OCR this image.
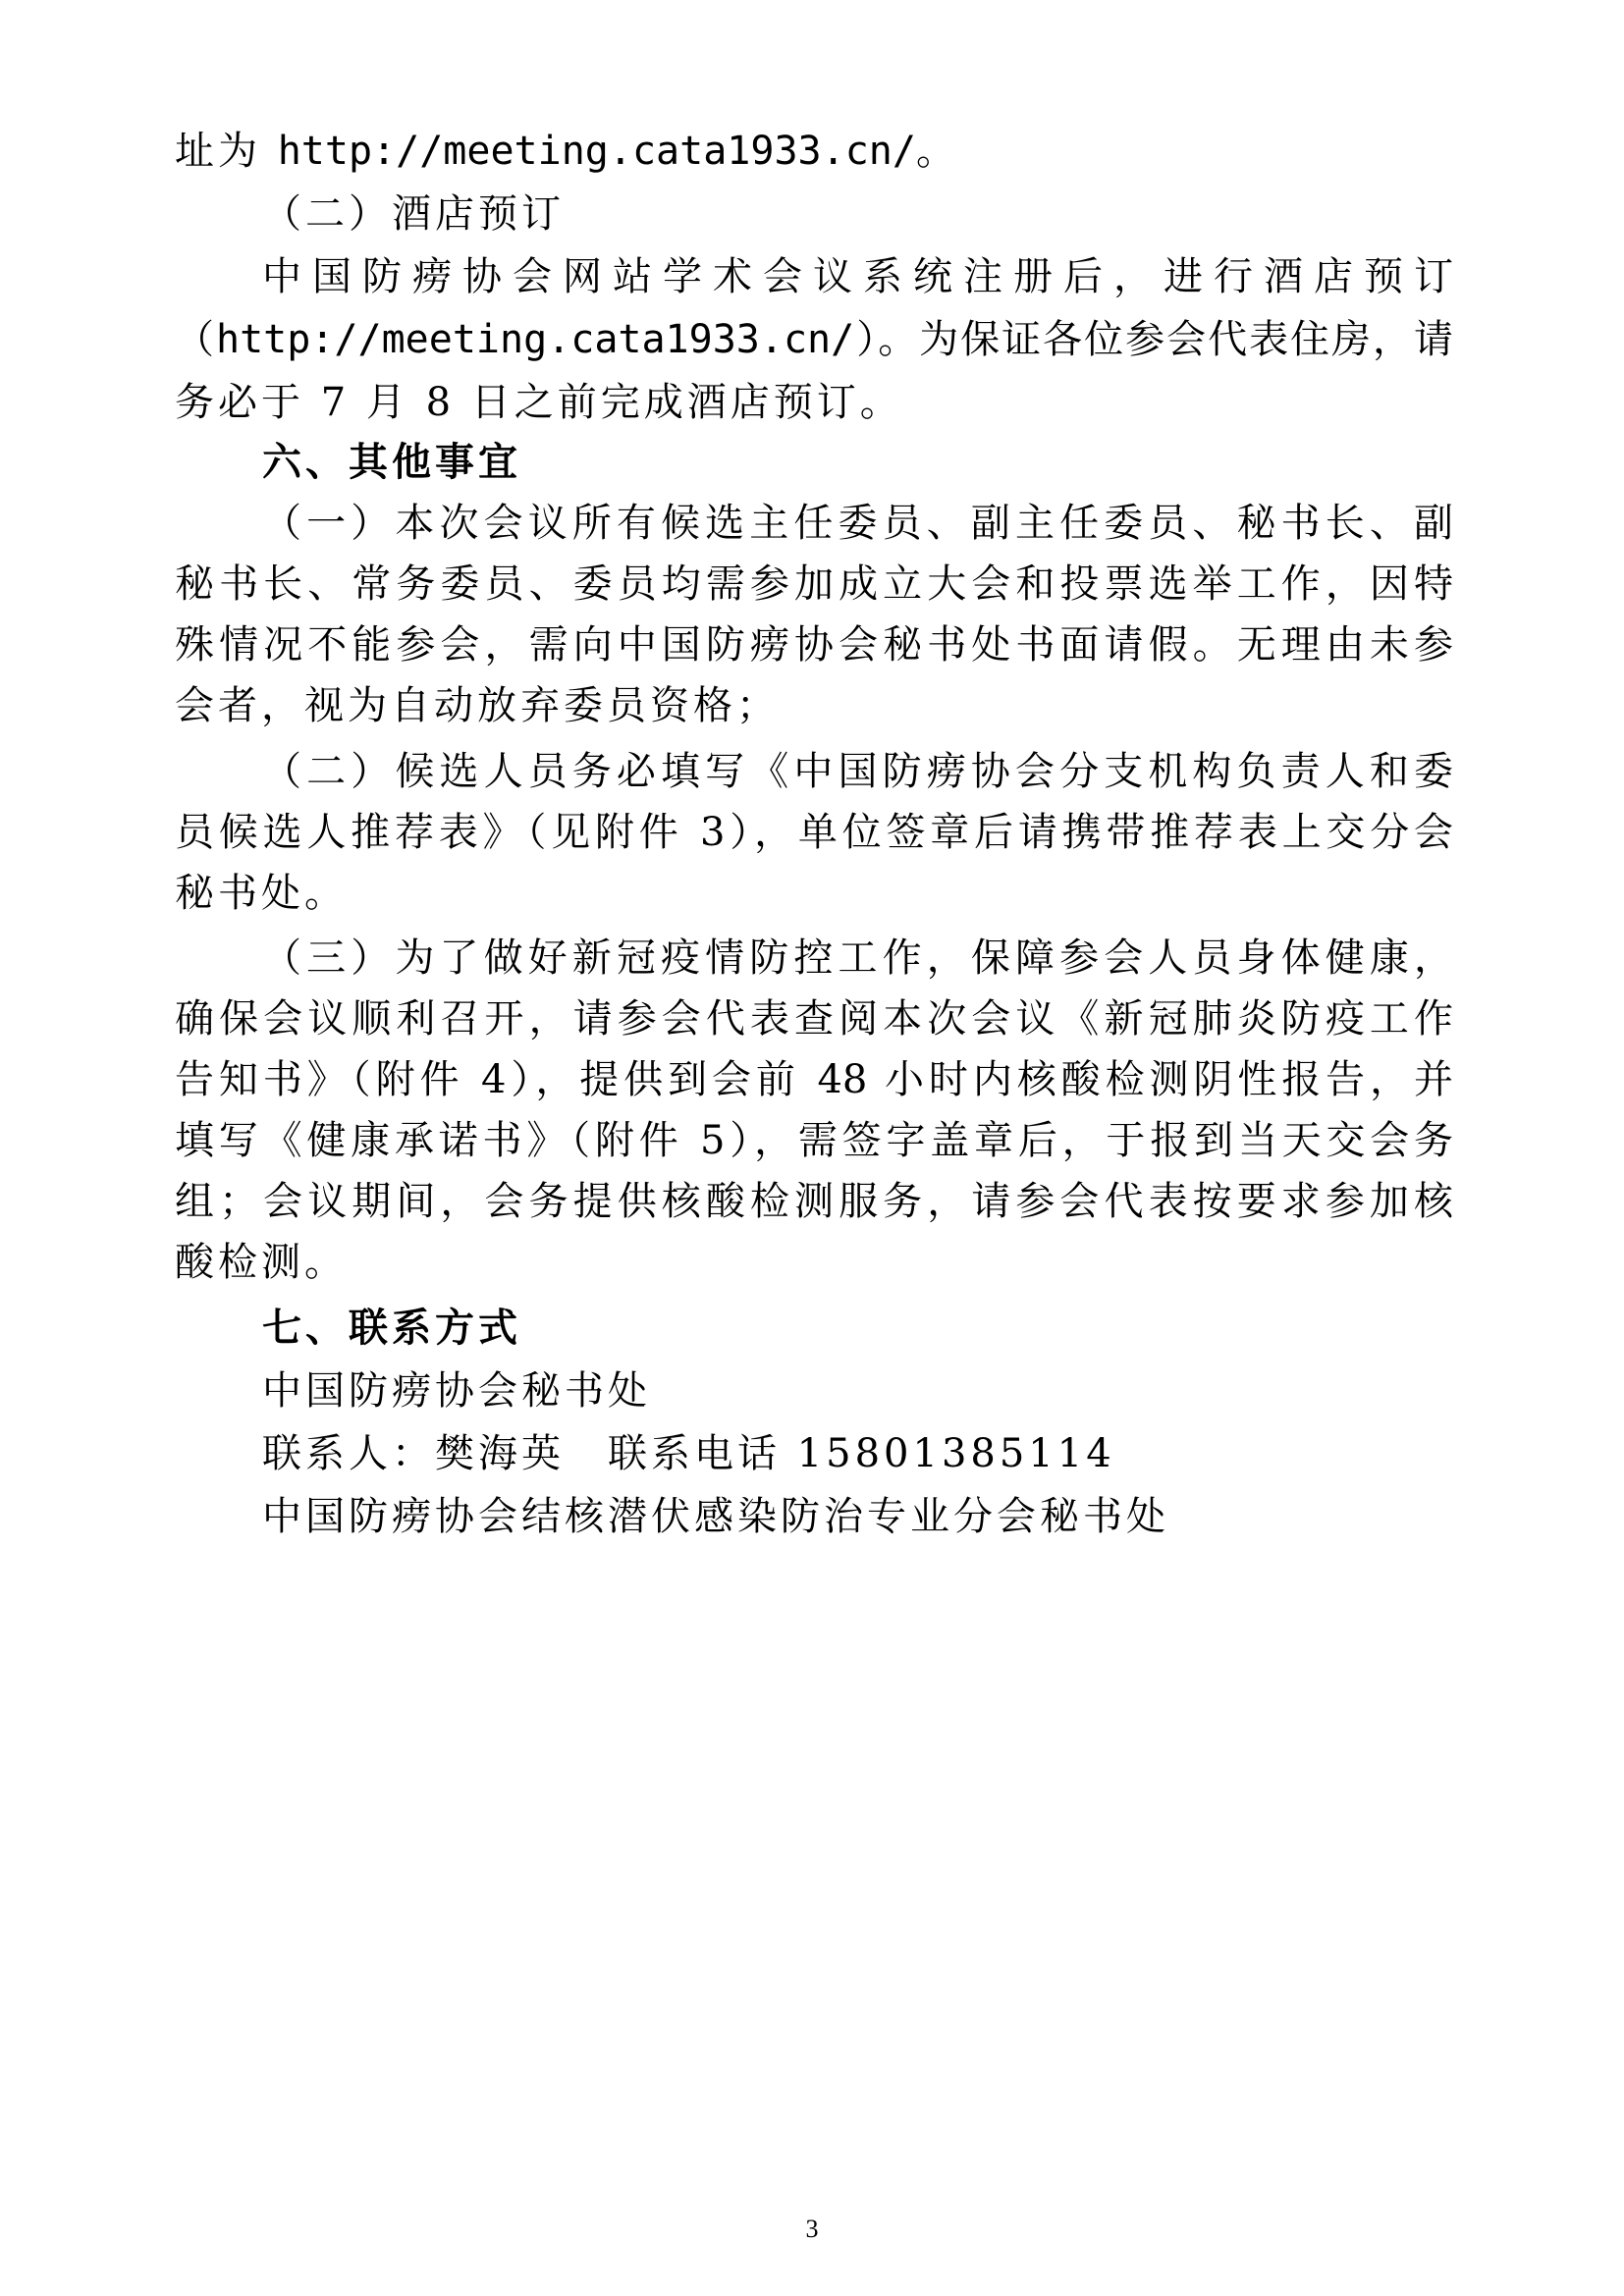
址为 http://meeting.cata1933.cn/。
（二）酒店预订
中国防痨协会网站学术会议系统注册后，进行酒店预订
（http://meeting.cata1933.cn/）。为保证各位参会代表住房，请
务必于 7 月 8 日之前完成酒店预订。
六、其他事宜
（一）本次会议所有候选主任委员、副主任委员、秘书长、副
秘书长、常务委员、委员均需参加成立大会和投票选举工作，因特
殊情况不能参会，需向中国防痨协会秘书处书面请假。无理由未参
会者，视为自动放弃委员资格；
（二）候选人员务必填写《中国防痨协会分支机构负责人和委
员候选人推荐表》（见附件 3），单位签章后请携带推荐表上交分会
秘书处。
（三）为了做好新冠疫情防控工作，保障参会人员身体健康，
确保会议顺利召开，请参会代表查阅本次会议《新冠肺炎防疫工作
告知书》（附件 4），提供到会前 48 小时内核酸检测阴性报告，并
填写《健康承诺书》（附件 5），需签字盖章后，于报到当天交会务
组；会议期间，会务提供核酸检测服务，请参会代表按要求参加核
酸检测。
七、联系方式
中国防痨协会秘书处
联系人：樊海英　联系电话 15801385114
中国防痨协会结核潜伏感染防治专业分会秘书处
3
